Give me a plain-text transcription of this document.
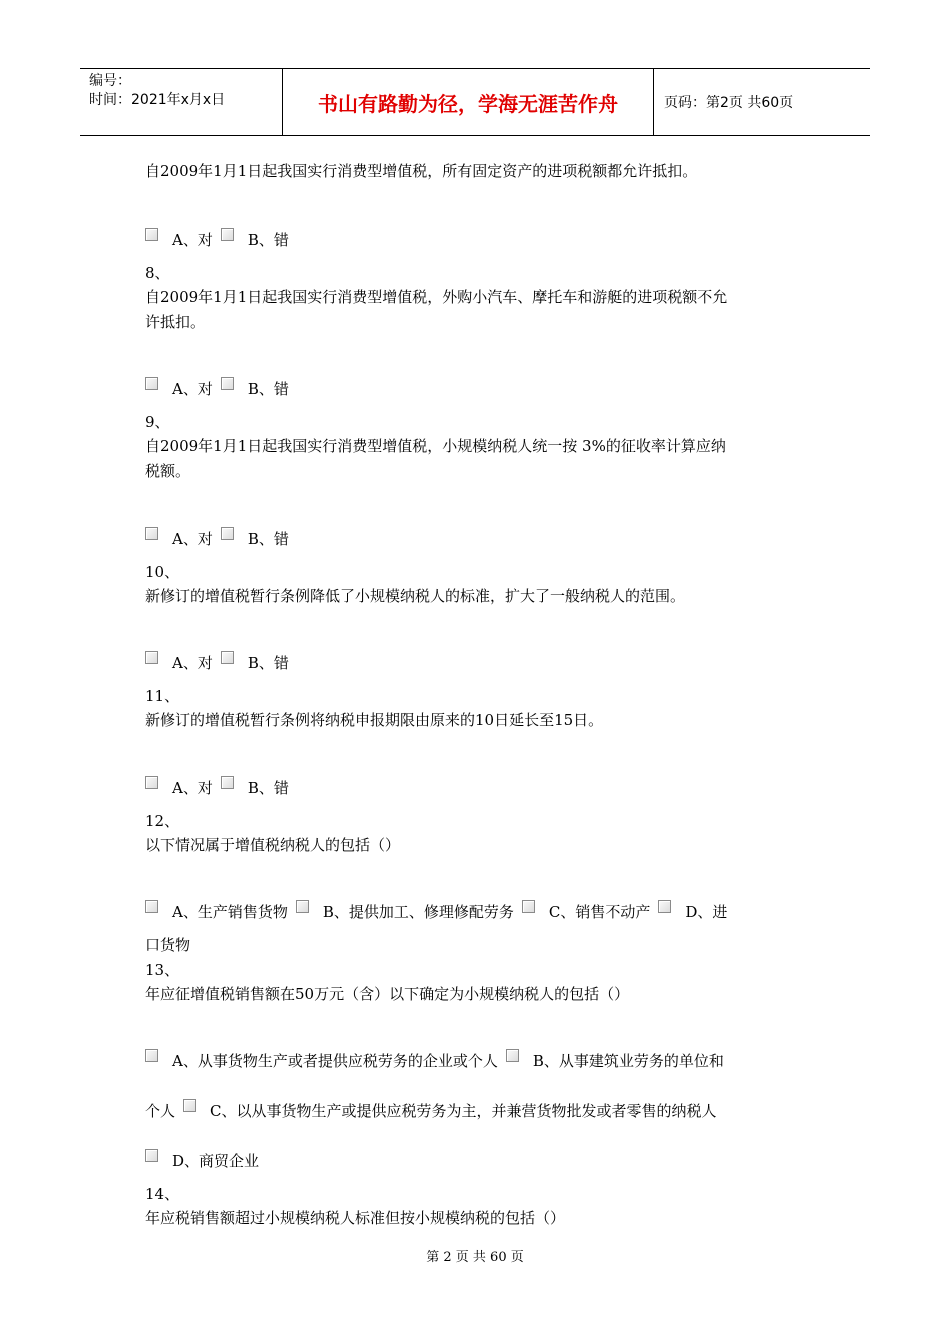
编号：
时间：2021年x月x日	书山有路勤为径，学海无涯苦作舟	页码：第2页 共60页
自2009年1月1日起我国实行消费型增值税，所有固定资产的进项税额都允许抵扣。
A、对 B、错
8、
自2009年1月1日起我国实行消费型增值税，外购小汽车、摩托车和游艇的进项税额不允
许抵扣。
A、对 B、错
9、
自2009年1月1日起我国实行消费型增值税，小规模纳税人统一按 3%的征收率计算应纳
税额。
A、对 B、错
10、
新修订的增值税暂行条例降低了小规模纳税人的标准，扩大了一般纳税人的范围。
A、对 B、错
11、
新修订的增值税暂行条例将纳税申报期限由原来的10日延长至15日。
A、对 B、错
12、
以下情况属于增值税纳税人的包括（）
A、生产销售货物 B、提供加工、修理修配劳务 C、销售不动产 D、进
口货物
13、
年应征增值税销售额在50万元（含）以下确定为小规模纳税人的包括（）
A、从事货物生产或者提供应税劳务的企业或个人 B、从事建筑业劳务的单位和
个人 C、以从事货物生产或提供应税劳务为主，并兼营货物批发或者零售的纳税人
D、商贸企业
14、
年应税销售额超过小规模纳税人标准但按小规模纳税的包括（）
第 2 页 共 60 页
